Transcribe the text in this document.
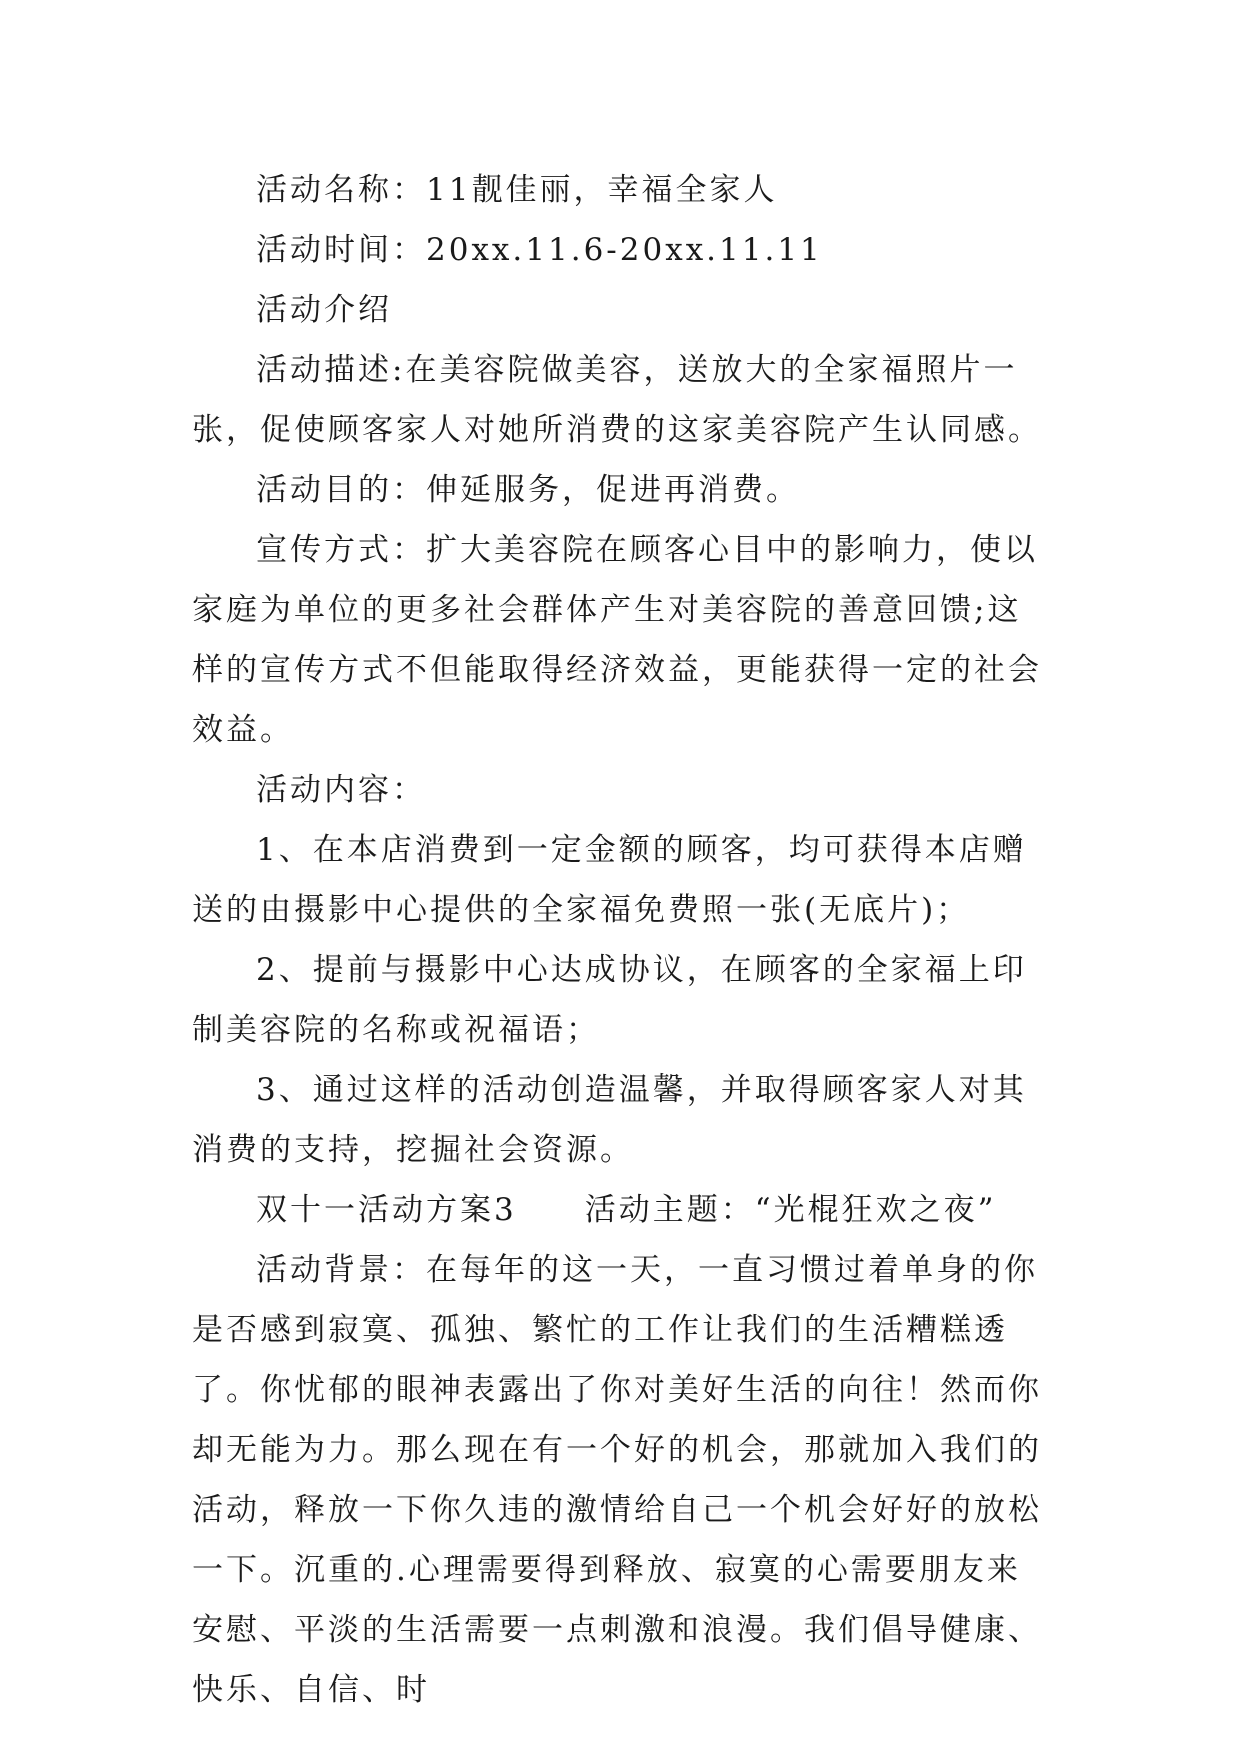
活动名称：11靓佳丽，幸福全家人

活动时间：20xx.11.6-20xx.11.11

活动介绍

活动描述:在美容院做美容，送放大的全家福照片一张，促使顾客家人对她所消费的这家美容院产生认同感。

活动目的：伸延服务，促进再消费。

宣传方式：扩大美容院在顾客心目中的影响力，使以家庭为单位的更多社会群体产生对美容院的善意回馈;这样的宣传方式不但能取得经济效益，更能获得一定的社会效益。

活动内容：

1、在本店消费到一定金额的顾客，均可获得本店赠送的由摄影中心提供的全家福免费照一张(无底片)；

2、提前与摄影中心达成协议，在顾客的全家福上印制美容院的名称或祝福语；

3、通过这样的活动创造温馨，并取得顾客家人对其消费的支持，挖掘社会资源。

双十一活动方案3　　活动主题：“光棍狂欢之夜”

活动背景：在每年的这一天，一直习惯过着单身的你是否感到寂寞、孤独、繁忙的工作让我们的生活糟糕透了。你忧郁的眼神表露出了你对美好生活的向往！然而你却无能为力。那么现在有一个好的机会，那就加入我们的活动，释放一下你久违的激情给自己一个机会好好的放松一下。沉重的.心理需要得到释放、寂寞的心需要朋友来安慰、平淡的生活需要一点刺激和浪漫。我们倡导健康、快乐、自信、时
